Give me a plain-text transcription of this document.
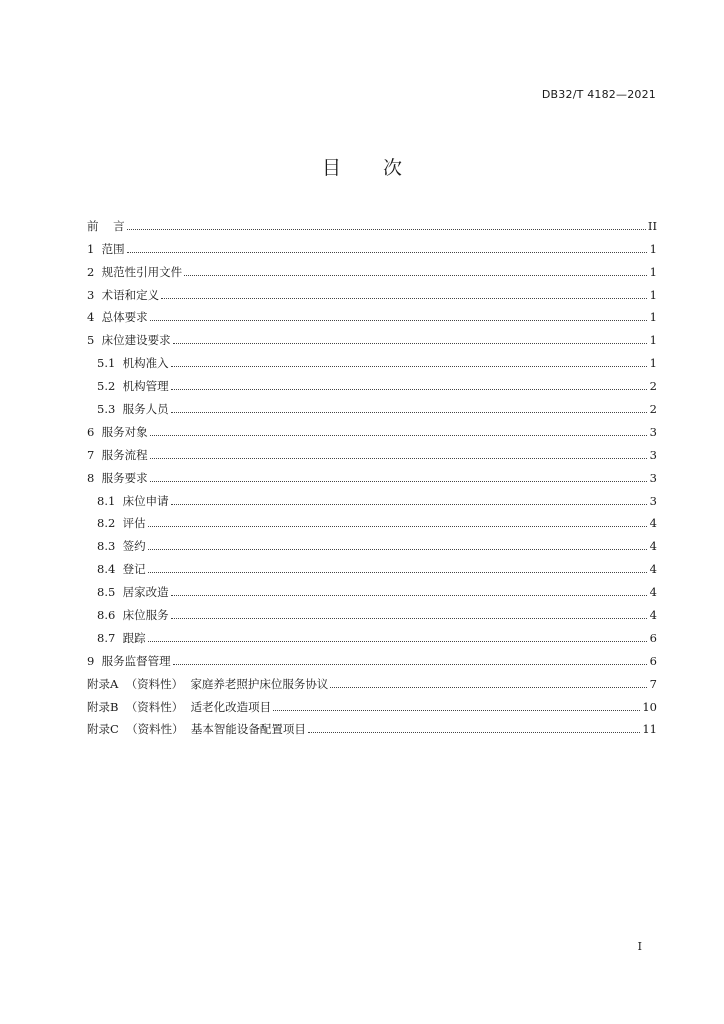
DB32/T 4182—2021
目 次
前 言	II
1 范围	1
2 规范性引用文件	1
3 术语和定义	1
4 总体要求	1
5 床位建设要求	1
5.1 机构准入	1
5.2 机构管理	2
5.3 服务人员	2
6 服务对象	3
7 服务流程	3
8 服务要求	3
8.1 床位申请	3
8.2 评估	4
8.3 签约	4
8.4 登记	4
8.5 居家改造	4
8.6 床位服务	4
8.7 跟踪	6
9 服务监督管理	6
附录A  （资料性） 家庭养老照护床位服务协议	7
附录B  （资料性） 适老化改造项目	10
附录C  （资料性） 基本智能设备配置项目	11
I
